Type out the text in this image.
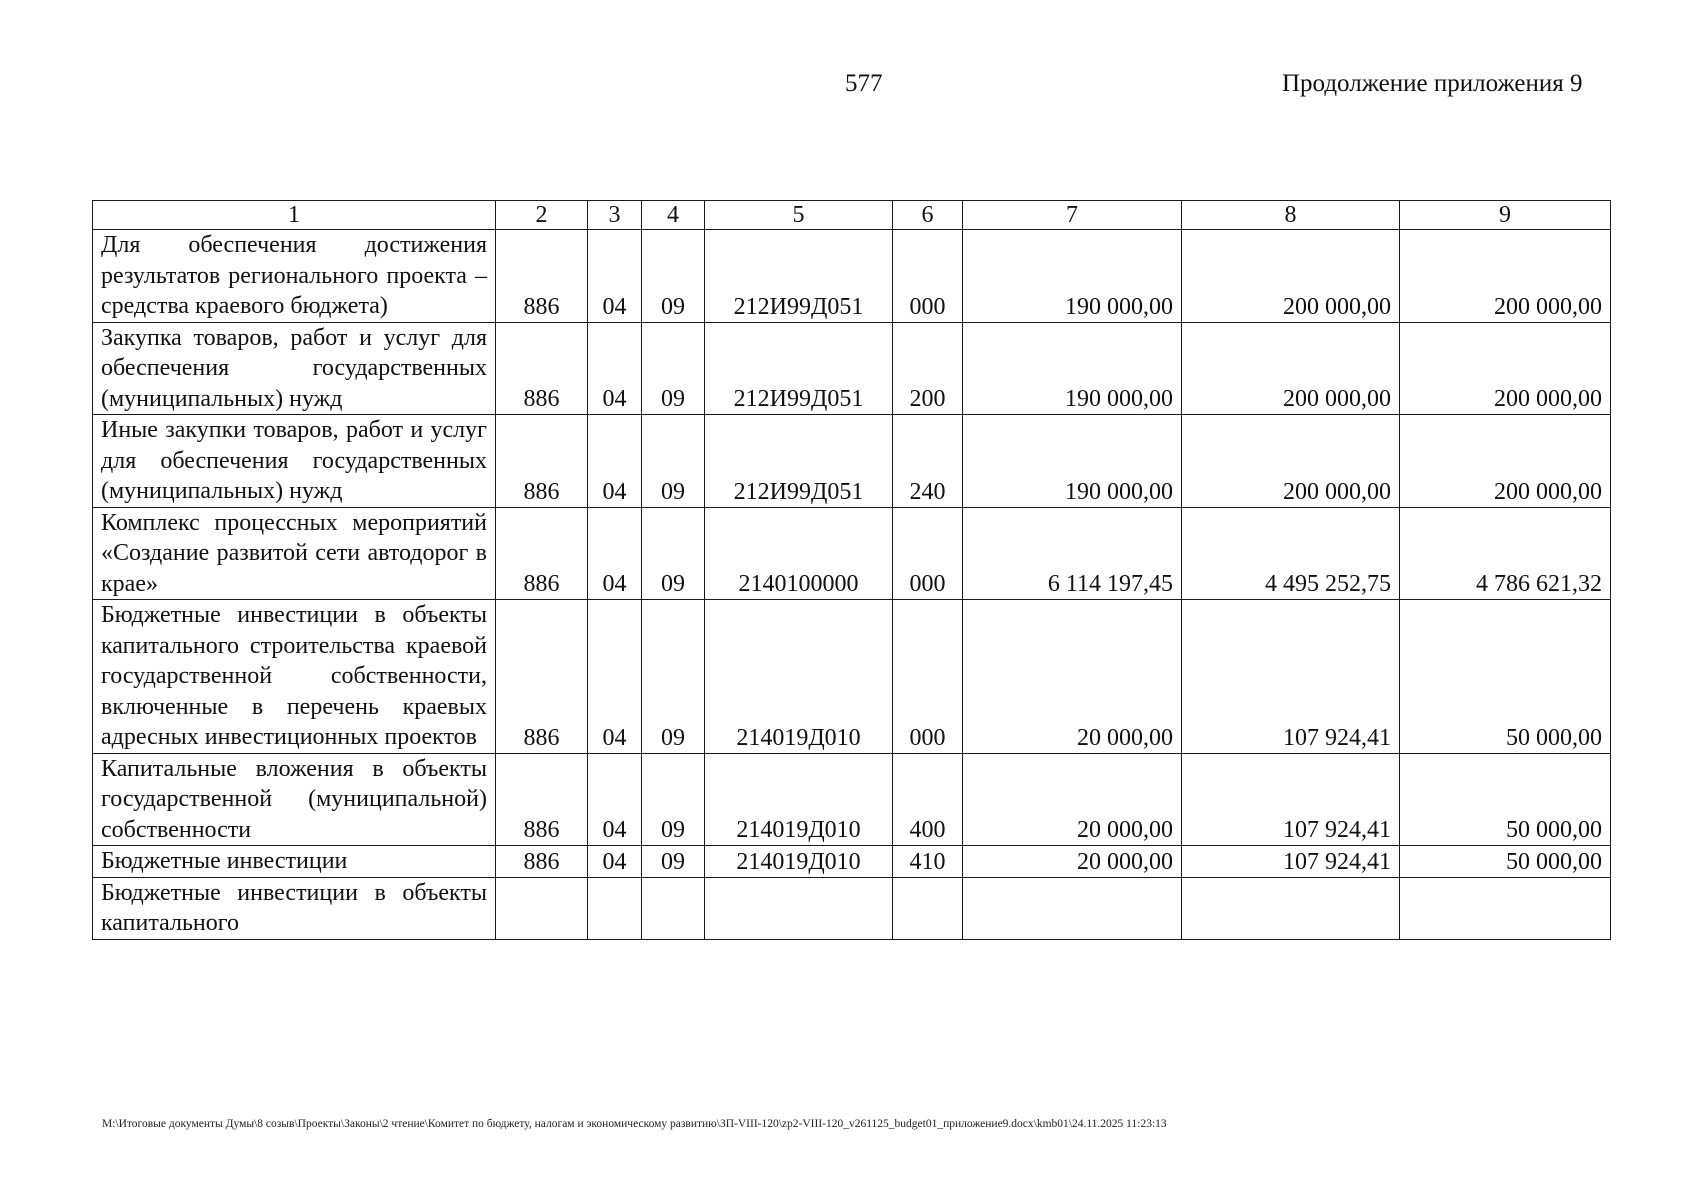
577	Продолжение приложения 9
1	2	3	4	5	6	7	8	9
Для обеспечения достижения результатов регионального проекта – средства краевого бюджета)	886	04	09	212И99Д051	000	190 000,00	200 000,00	200 000,00
Закупка товаров, работ и услуг для обеспечения государственных (муниципальных) нужд	886	04	09	212И99Д051	200	190 000,00	200 000,00	200 000,00
Иные закупки товаров, работ и услуг для обеспечения государственных (муниципальных) нужд	886	04	09	212И99Д051	240	190 000,00	200 000,00	200 000,00
Комплекс процессных мероприятий «Создание развитой сети автодорог в крае»	886	04	09	2140100000	000	6 114 197,45	4 495 252,75	4 786 621,32
Бюджетные инвестиции в объекты капитального строительства краевой государственной собственности, включенные в перечень краевых адресных инвестиционных проектов	886	04	09	214019Д010	000	20 000,00	107 924,41	50 000,00
Капитальные вложения в объекты государственной (муниципальной) собственности	886	04	09	214019Д010	400	20 000,00	107 924,41	50 000,00
Бюджетные инвестиции	886	04	09	214019Д010	410	20 000,00	107 924,41	50 000,00
Бюджетные инвестиции в объекты капитального								
M:\Итоговые документы Думы\8 созыв\Проекты\Законы\2 чтение\Комитет по бюджету, налогам и экономическому развитию\ЗП-VIII-120\zp2-VIII-120_v261125_budget01_приложение9.docx\kmb01\24.11.2025 11:23:13
